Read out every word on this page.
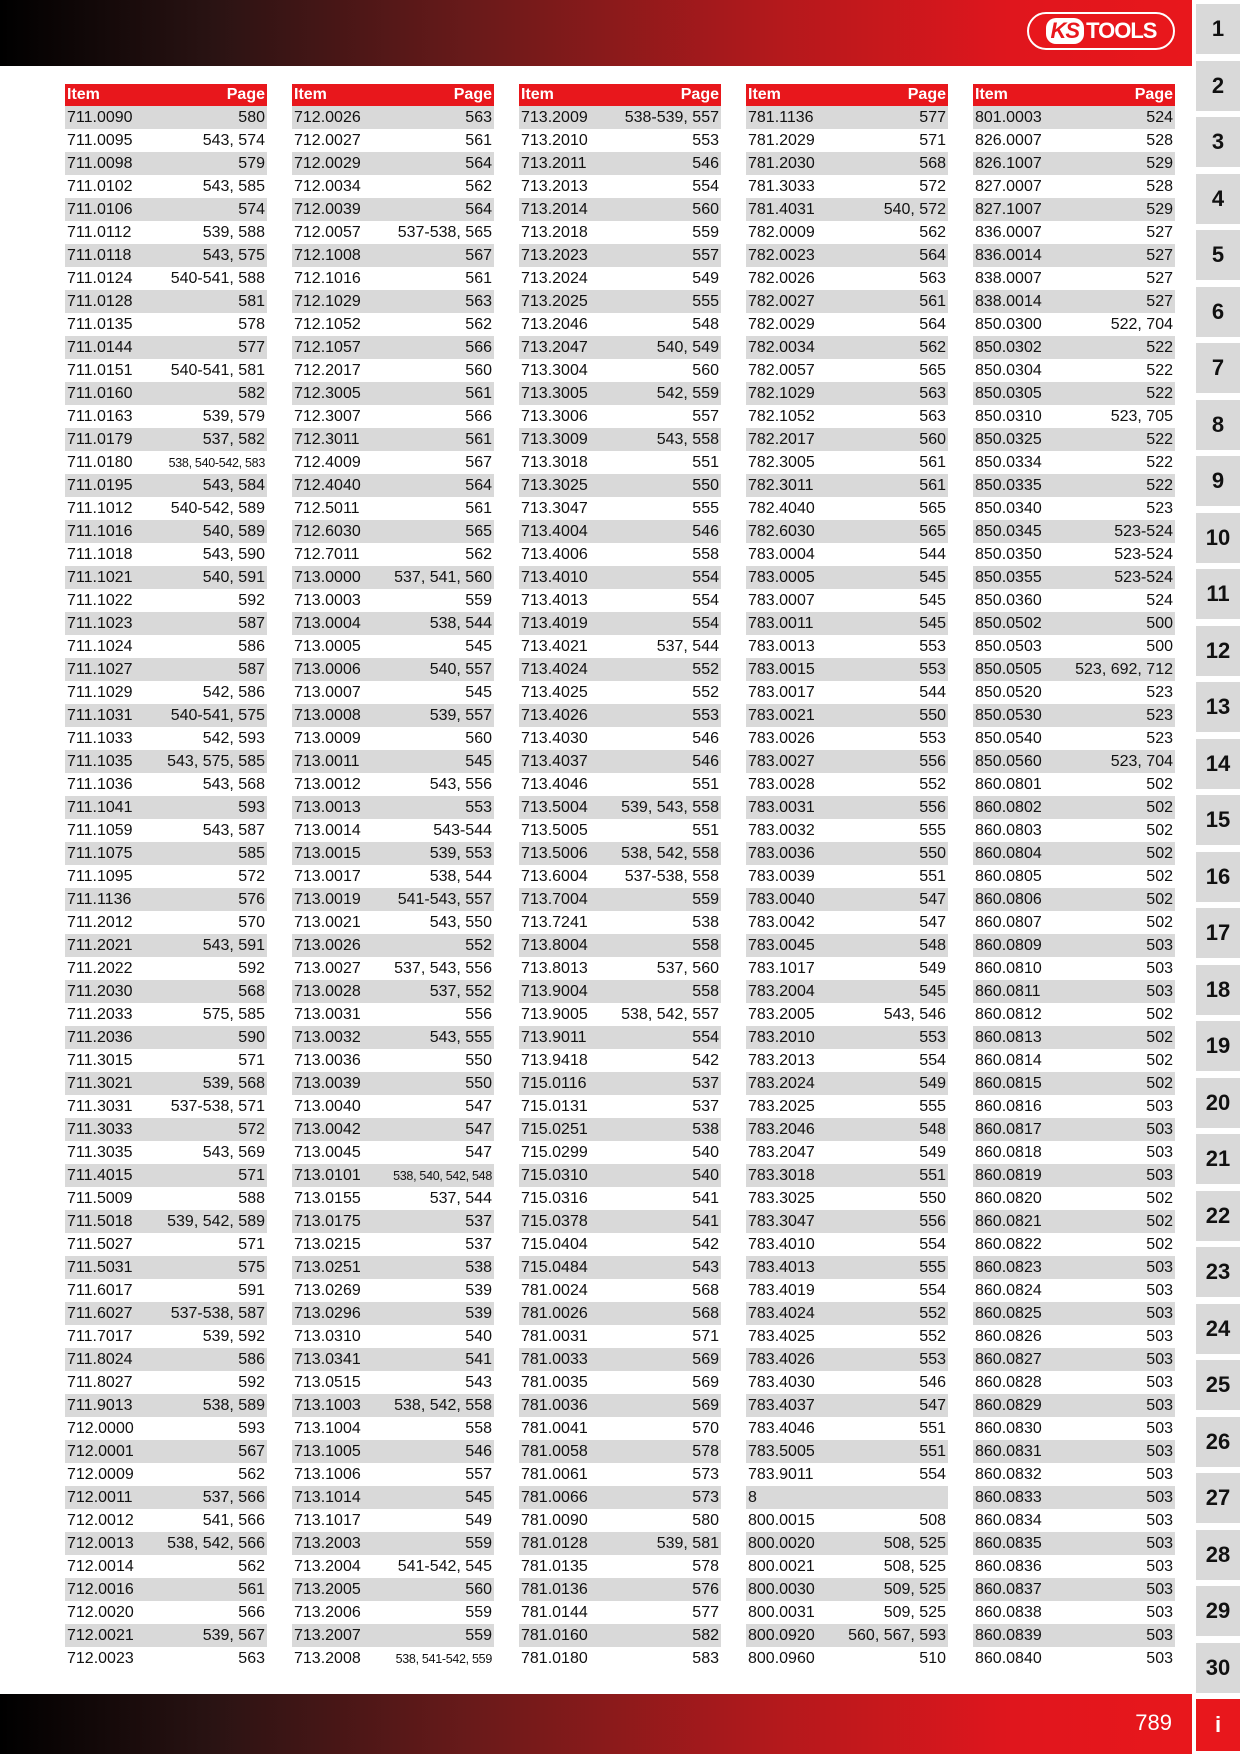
KS TOOLS
789
1
2
3
4
5
6
7
8
9
10
11
12
13
14
15
16
17
18
19
20
21
22
23
24
25
26
27
28
29
30
i
Item	Page
711.0090	580
711.0095	543, 574
711.0098	579
711.0102	543, 585
711.0106	574
711.0112	539, 588
711.0118	543, 575
711.0124 540-541, 588
711.0128	581
711.0135	578
711.0144	577
711.0151 540-541, 581
711.0160	582
711.0163	539, 579
711.0179	537, 582
711.0180	538, 540-542, 583
711.0195	543, 584
711.1012 540-542, 589
711.1016	540, 589
711.1018	543, 590
711.1021	540, 591
711.1022	592
711.1023	587
711.1024	586
711.1027	587
711.1029	542, 586
711.1031 540-541, 575
711.1033	542, 593
711.1035 543, 575, 585
711.1036	543, 568
711.1041	593
711.1059	543, 587
711.1075	585
711.1095	572
711.1136	576
711.2012	570
711.2021	543, 591
711.2022	592
711.2030	568
711.2033	575, 585
711.2036	590
711.3015	571
711.3021	539, 568
711.3031 537-538, 571
711.3033	572
711.3035	543, 569
711.4015	571
711.5009	588
711.5018 539, 542, 589
711.5027	571
711.5031	575
711.6017	591
711.6027 537-538, 587
711.7017	539, 592
711.8024	586
711.8027	592
711.9013	538, 589
712.0000	593
712.0001	567
712.0009	562
712.0011	537, 566
712.0012	541, 566
712.0013 538, 542, 566
712.0014	562
712.0016	561
712.0020	566
712.0021	539, 567
712.0023	563
Item	Page
712.0026	563
712.0027	561
712.0029	564
712.0034	562
712.0039	564
712.0057 537-538, 565
712.1008	567
712.1016	561
712.1029	563
712.1052	562
712.1057	566
712.2017	560
712.3005	561
712.3007	566
712.3011	561
712.4009	567
712.4040	564
712.5011	561
712.6030	565
712.7011	562
713.0000 537, 541, 560
713.0003	559
713.0004	538, 544
713.0005	545
713.0006	540, 557
713.0007	545
713.0008	539, 557
713.0009	560
713.0011	545
713.0012	543, 556
713.0013	553
713.0014	543-544
713.0015	539, 553
713.0017	538, 544
713.0019 541-543, 557
713.0021	543, 550
713.0026	552
713.0027 537, 543, 556
713.0028	537, 552
713.0031	556
713.0032	543, 555
713.0036	550
713.0039	550
713.0040	547
713.0042	547
713.0045	547
713.0101	538, 540, 542, 548
713.0155	537, 544
713.0175	537
713.0215	537
713.0251	538
713.0269	539
713.0296	539
713.0310	540
713.0341	541
713.0515	543
713.1003 538, 542, 558
713.1004	558
713.1005	546
713.1006	557
713.1014	545
713.1017	549
713.2003	559
713.2004 541-542, 545
713.2005	560
713.2006	559
713.2007	559
713.2008	538, 541-542, 559
Item	Page
713.2009 538-539, 557
713.2010	553
713.2011	546
713.2013	554
713.2014	560
713.2018	559
713.2023	557
713.2024	549
713.2025	555
713.2046	548
713.2047	540, 549
713.3004	560
713.3005	542, 559
713.3006	557
713.3009	543, 558
713.3018	551
713.3025	550
713.3047	555
713.4004	546
713.4006	558
713.4010	554
713.4013	554
713.4019	554
713.4021	537, 544
713.4024	552
713.4025	552
713.4026	553
713.4030	546
713.4037	546
713.4046	551
713.5004 539, 543, 558
713.5005	551
713.5006 538, 542, 558
713.6004 537-538, 558
713.7004	559
713.7241	538
713.8004	558
713.8013	537, 560
713.9004	558
713.9005 538, 542, 557
713.9011	554
713.9418	542
715.0116	537
715.0131	537
715.0251	538
715.0299	540
715.0310	540
715.0316	541
715.0378	541
715.0404	542
715.0484	543
781.0024	568
781.0026	568
781.0031	571
781.0033	569
781.0035	569
781.0036	569
781.0041	570
781.0058	578
781.0061	573
781.0066	573
781.0090	580
781.0128	539, 581
781.0135	578
781.0136	576
781.0144	577
781.0160	582
781.0180	583
Item	Page
781.1136	577
781.2029	571
781.2030	568
781.3033	572
781.4031	540, 572
782.0009	562
782.0023	564
782.0026	563
782.0027	561
782.0029	564
782.0034	562
782.0057	565
782.1029	563
782.1052	563
782.2017	560
782.3005	561
782.3011	561
782.4040	565
782.6030	565
783.0004	544
783.0005	545
783.0007	545
783.0011	545
783.0013	553
783.0015	553
783.0017	544
783.0021	550
783.0026	553
783.0027	556
783.0028	552
783.0031	556
783.0032	555
783.0036	550
783.0039	551
783.0040	547
783.0042	547
783.0045	548
783.1017	549
783.2004	545
783.2005	543, 546
783.2010	553
783.2013	554
783.2024	549
783.2025	555
783.2046	548
783.2047	549
783.3018	551
783.3025	550
783.3047	556
783.4010	554
783.4013	555
783.4019	554
783.4024	552
783.4025	552
783.4026	553
783.4030	546
783.4037	547
783.4046	551
783.5005	551
783.9011	554
8
800.0015	508
800.0020	508, 525
800.0021	508, 525
800.0030	509, 525
800.0031	509, 525
800.0920 560, 567, 593
800.0960	510
Item	Page
801.0003	524
826.0007	528
826.1007	529
827.0007	528
827.1007	529
836.0007	527
836.0014	527
838.0007	527
838.0014	527
850.0300	522, 704
850.0302	522
850.0304	522
850.0305	522
850.0310	523, 705
850.0325	522
850.0334	522
850.0335	522
850.0340	523
850.0345	523-524
850.0350	523-524
850.0355	523-524
850.0360	524
850.0502	500
850.0503	500
850.0505 523, 692, 712
850.0520	523
850.0530	523
850.0540	523
850.0560	523, 704
860.0801	502
860.0802	502
860.0803	502
860.0804	502
860.0805	502
860.0806	502
860.0807	502
860.0809	503
860.0810	503
860.0811	503
860.0812	502
860.0813	502
860.0814	502
860.0815	502
860.0816	503
860.0817	503
860.0818	503
860.0819	503
860.0820	502
860.0821	502
860.0822	502
860.0823	503
860.0824	503
860.0825	503
860.0826	503
860.0827	503
860.0828	503
860.0829	503
860.0830	503
860.0831	503
860.0832	503
860.0833	503
860.0834	503
860.0835	503
860.0836	503
860.0837	503
860.0838	503
860.0839	503
860.0840	503
